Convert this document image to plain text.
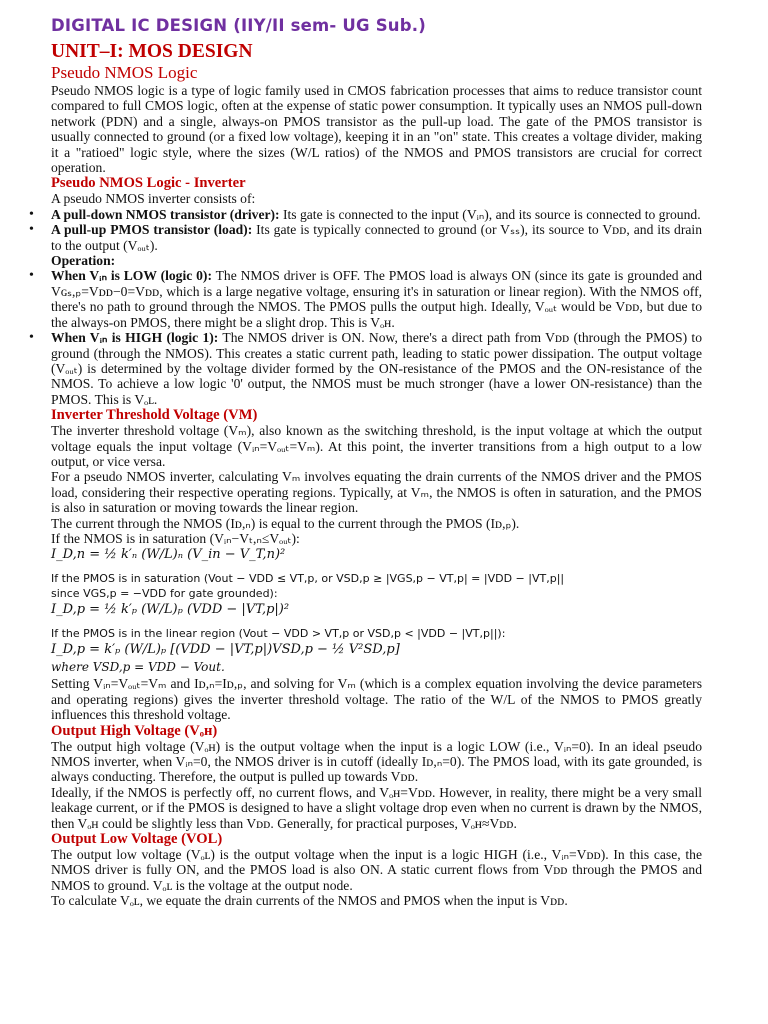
DIGITAL IC DESIGN (IIY/II sem- UG Sub.)
UNIT–I: MOS DESIGN
Pseudo NMOS Logic

Pseudo NMOS logic is a type of logic family used in CMOS fabrication processes that aims to reduce transistor count compared to full CMOS logic, often at the expense of static power consumption. It typically uses an NMOS pull-down network (PDN) and a single, always-on PMOS transistor as the pull-up load. The gate of the PMOS transistor is usually connected to ground (or a fixed low voltage), keeping it in an "on" state. This creates a voltage divider, making it a "ratioed" logic style, where the sizes (W/L ratios) of the NMOS and PMOS transistors are crucial for correct operation.

Pseudo NMOS Logic - Inverter

A pseudo NMOS inverter consists of:

• A pull-down NMOS transistor (driver): Its gate is connected to the input (Vᵢₙ), and its source is connected to ground.
• A pull-up PMOS transistor (load): Its gate is typically connected to ground (or Vₛₛ), its source to Vᴅᴅ, and its drain to the output (Vₒᵤₜ).
Operation:
• When Vᵢₙ is LOW (logic 0): The NMOS driver is OFF. The PMOS load is always ON (since its gate is grounded and Vɢₛ,ₚ=Vᴅᴅ−0=Vᴅᴅ, which is a large negative voltage, ensuring it's in saturation or linear region). With the NMOS off, there's no path to ground through the NMOS. The PMOS pulls the output high. Ideally, Vₒᵤₜ would be Vᴅᴅ, but due to the always-on PMOS, there might be a slight drop. This is Vₒʜ.
• When Vᵢₙ is HIGH (logic 1): The NMOS driver is ON. Now, there's a direct path from Vᴅᴅ (through the PMOS) to ground (through the NMOS). This creates a static current path, leading to static power dissipation. The output voltage (Vₒᵤₜ) is determined by the voltage divider formed by the ON-resistance of the PMOS and the ON-resistance of the NMOS. To achieve a low logic '0' output, the NMOS must be much stronger (have a lower ON-resistance) than the PMOS. This is Vₒʟ.
Inverter Threshold Voltage (VM)

The inverter threshold voltage (Vₘ), also known as the switching threshold, is the input voltage at which the output voltage equals the input voltage (Vᵢₙ=Vₒᵤₜ=Vₘ). At this point, the inverter transitions from a high output to a low output, or vice versa.

For a pseudo NMOS inverter, calculating Vₘ involves equating the drain currents of the NMOS driver and the PMOS load, considering their respective operating regions. Typically, at Vₘ, the NMOS is often in saturation, and the PMOS is also in saturation or moving towards the linear region.

The current through the NMOS (Iᴅ,ₙ) is equal to the current through the PMOS (Iᴅ,ₚ).

If the NMOS is in saturation (Vᵢₙ−Vₜ,ₙ≤Vₒᵤₜ):

I_D,n = ½ k′ₙ (W/L)ₙ (V_in − V_T,n)²
If the PMOS is in saturation (Vout − VDD ≤ VT,p, or VSD,p ≥ |VGS,p − VT,p| = |VDD − |VT,p||
since VGS,p = −VDD for gate grounded):
I_D,p = ½ k′ₚ (W/L)ₚ (VDD − |VT,p|)²
If the PMOS is in the linear region (Vout − VDD > VT,p or VSD,p < |VDD − |VT,p||):
I_D,p = k′ₚ (W/L)ₚ [(VDD − |VT,p|)VSD,p − ½ V²SD,p]
where VSD,p = VDD − Vout.

Setting Vᵢₙ=Vₒᵤₜ=Vₘ and Iᴅ,ₙ=Iᴅ,ₚ, and solving for Vₘ (which is a complex equation involving the device parameters and operating regions) gives the inverter threshold voltage. The ratio of the W/L of the NMOS to PMOS greatly influences this threshold voltage.

Output High Voltage (Vₒʜ)

The output high voltage (Vₒʜ) is the output voltage when the input is a logic LOW (i.e., Vᵢₙ=0). In an ideal pseudo NMOS inverter, when Vᵢₙ=0, the NMOS driver is in cutoff (ideally Iᴅ,ₙ=0). The PMOS load, with its gate grounded, is always conducting. Therefore, the output is pulled up towards Vᴅᴅ.

Ideally, if the NMOS is perfectly off, no current flows, and Vₒʜ=Vᴅᴅ. However, in reality, there might be a very small leakage current, or if the PMOS is designed to have a slight voltage drop even when no current is drawn by the NMOS, then Vₒʜ could be slightly less than Vᴅᴅ. Generally, for practical purposes, Vₒʜ≈Vᴅᴅ.

Output Low Voltage (VOL)

The output low voltage (Vₒʟ) is the output voltage when the input is a logic HIGH (i.e., Vᵢₙ=Vᴅᴅ). In this case, the NMOS driver is fully ON, and the PMOS load is also ON. A static current flows from Vᴅᴅ through the PMOS and NMOS to ground. Vₒʟ is the voltage at the output node.

To calculate Vₒʟ, we equate the drain currents of the NMOS and PMOS when the input is Vᴅᴅ.
